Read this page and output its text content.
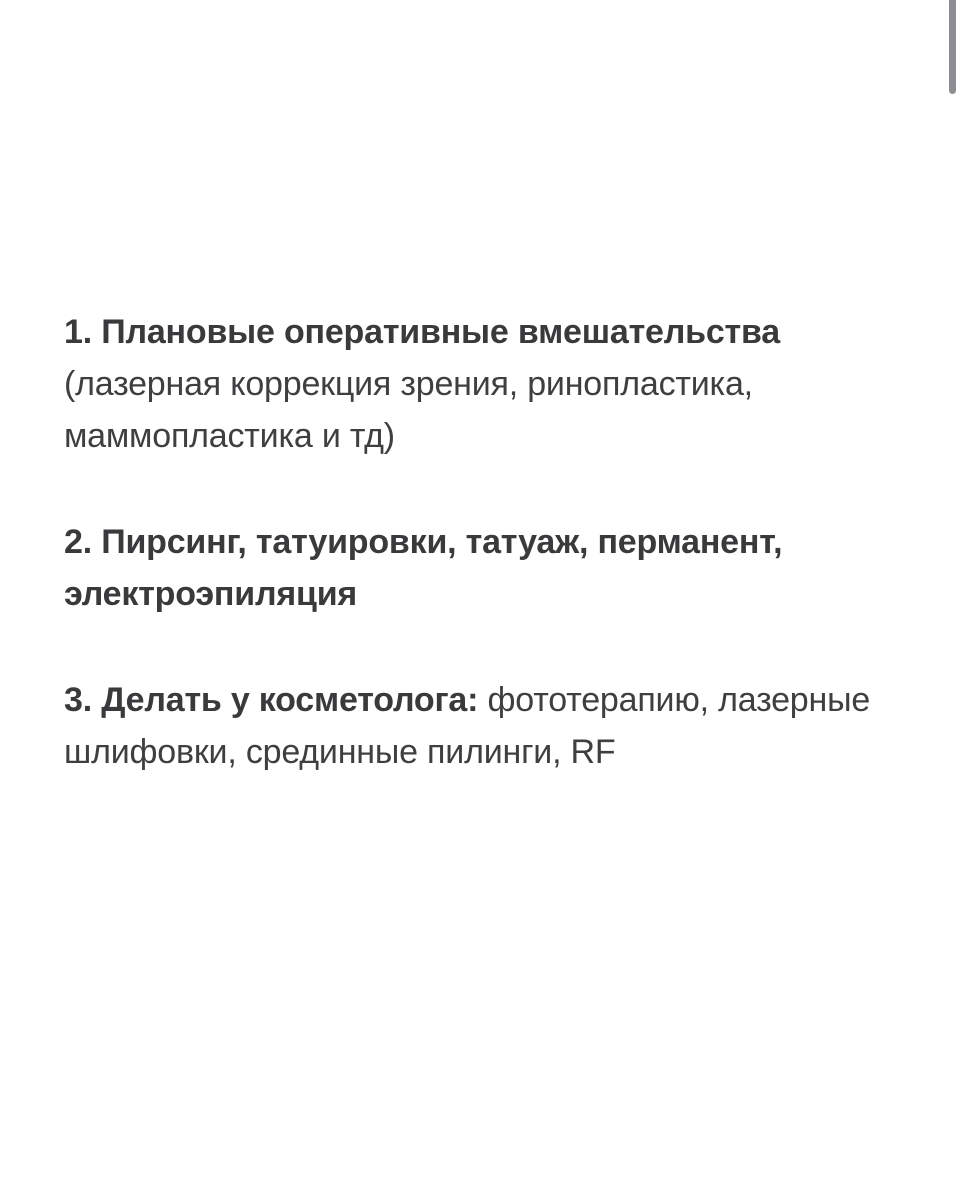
1. Плановые оперативные вмешательства
(лазерная коррекция зрения, ринопластика, маммопластика и тд)

2. Пирсинг, татуировки, татуаж, перманент, электроэпиляция

3. Делать у косметолога: фототерапию, лазерные шлифовки, срединные пилинги, RF
